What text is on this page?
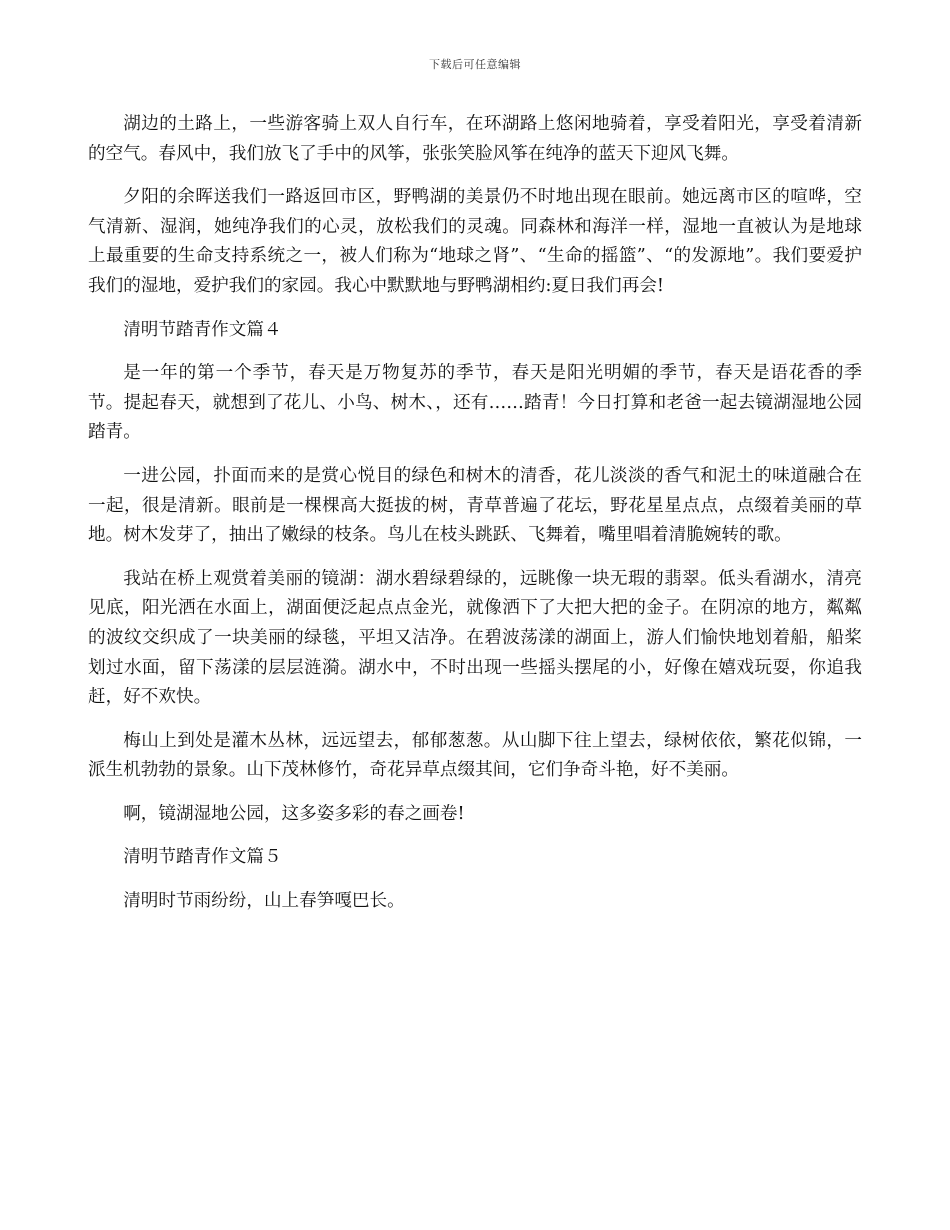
下载后可任意编辑

湖边的土路上，一些游客骑上双人自行车，在环湖路上悠闲地骑着，享受着阳光，享受着清新的空气。春风中，我们放飞了手中的风筝，张张笑脸风筝在纯净的蓝天下迎风飞舞。

夕阳的余晖送我们一路返回市区，野鸭湖的美景仍不时地出现在眼前。她远离市区的喧哗，空气清新、湿润，她纯净我们的心灵，放松我们的灵魂。同森林和海洋一样，湿地一直被认为是地球上最重要的生命支持系统之一，被人们称为“地球之肾”、“生命的摇篮”、“的发源地”。我们要爱护我们的湿地，爱护我们的家园。我心中默默地与野鸭湖相约:夏日我们再会!

清明节踏青作文篇４

是一年的第一个季节，春天是万物复苏的季节，春天是阳光明媚的季节，春天是语花香的季节。提起春天，就想到了花儿、小鸟、树木、，还有……踏青！今日打算和老爸一起去镜湖湿地公园踏青。

一进公园，扑面而来的是赏心悦目的绿色和树木的清香，花儿淡淡的香气和泥土的味道融合在一起，很是清新。眼前是一棵棵高大挺拔的树，青草普遍了花坛，野花星星点点，点缀着美丽的草地。树木发芽了，抽出了嫩绿的枝条。鸟儿在枝头跳跃、飞舞着，嘴里唱着清脆婉转的歌。

我站在桥上观赏着美丽的镜湖：湖水碧绿碧绿的，远眺像一块无瑕的翡翠。低头看湖水，清亮见底，阳光洒在水面上，湖面便泛起点点金光，就像洒下了大把大把的金子。在阴凉的地方，粼粼的波纹交织成了一块美丽的绿毯，平坦又洁净。在碧波荡漾的湖面上，游人们愉快地划着船，船桨划过水面，留下荡漾的层层涟漪。湖水中，不时出现一些摇头摆尾的小，好像在嬉戏玩耍，你追我赶，好不欢快。

梅山上到处是灌木丛林，远远望去，郁郁葱葱。从山脚下往上望去，绿树依依，繁花似锦，一派生机勃勃的景象。山下茂林修竹，奇花异草点缀其间，它们争奇斗艳，好不美丽。

啊，镜湖湿地公园，这多姿多彩的春之画卷!

清明节踏青作文篇５

清明时节雨纷纷，山上春笋嘎巴长。
